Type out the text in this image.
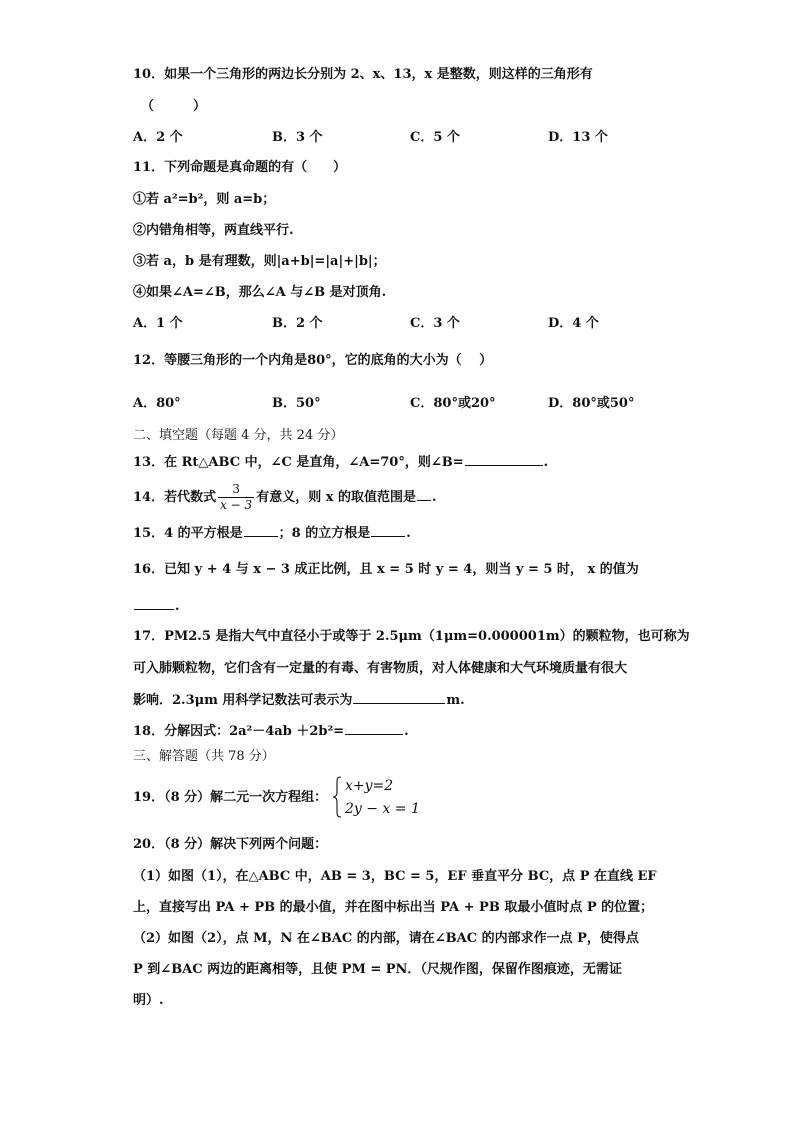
10．如果一个三角形的两边长分别为 2、x、13，x 是整数，则这样的三角形有
（　　　）
A．2 个	B．3 个	C．5 个	D．13 个
11．下列命题是真命题的有（　　）
①若 a²=b²，则 a=b；
②内错角相等，两直线平行.
③若 a，b 是有理数，则|a+b|=|a|+|b|；
④如果∠A=∠B，那么∠A 与∠B 是对顶角.
A．1 个	B．2 个	C．3 个	D．4 个
12．等腰三角形的一个内角是80°，它的底角的大小为（　 ）
A．80°	B．50°	C．80°或20°	D．80°或50°
二、填空题（每题 4 分，共 24 分）
13．在 Rt△ABC 中，∠C 是直角，∠A=70°，则∠B=	.
14．若代数式 $\frac{3}{x - 3}$ 有意义，则 x 的取值范围是 .
15．4 的平方根是	；8 的立方根是	.
16．已知 y + 4 与 x − 3 成正比例，且 x = 5 时 y = 4，则当 y = 5 时， x 的值为
.
17．PM2.5 是指大气中直径小于或等于 2.5μm（1μm=0.000001m）的颗粒物，也可称为
可入肺颗粒物，它们含有一定量的有毒、有害物质，对人体健康和大气环境质量有很大
影响．2.3μm 用科学记数法可表示为	m.
18．分解因式：2a²－4ab ＋2b²=	.
三、解答题（共 78 分）
19．（8 分）解二元一次方程组：
x+y=2
2y − x = 1
20．（8 分）解决下列两个问题：
（1）如图（1），在△ABC 中，AB = 3，BC = 5，EF 垂直平分 BC，点 P 在直线 EF
上，直接写出 PA + PB 的最小值，并在图中标出当 PA + PB 取最小值时点 P 的位置；
（2）如图（2），点 M，N 在∠BAC 的内部，请在∠BAC 的内部求作一点 P，使得点
P 到∠BAC 两边的距离相等，且使 PM = PN．（尺规作图，保留作图痕迹，无需证
明）.
